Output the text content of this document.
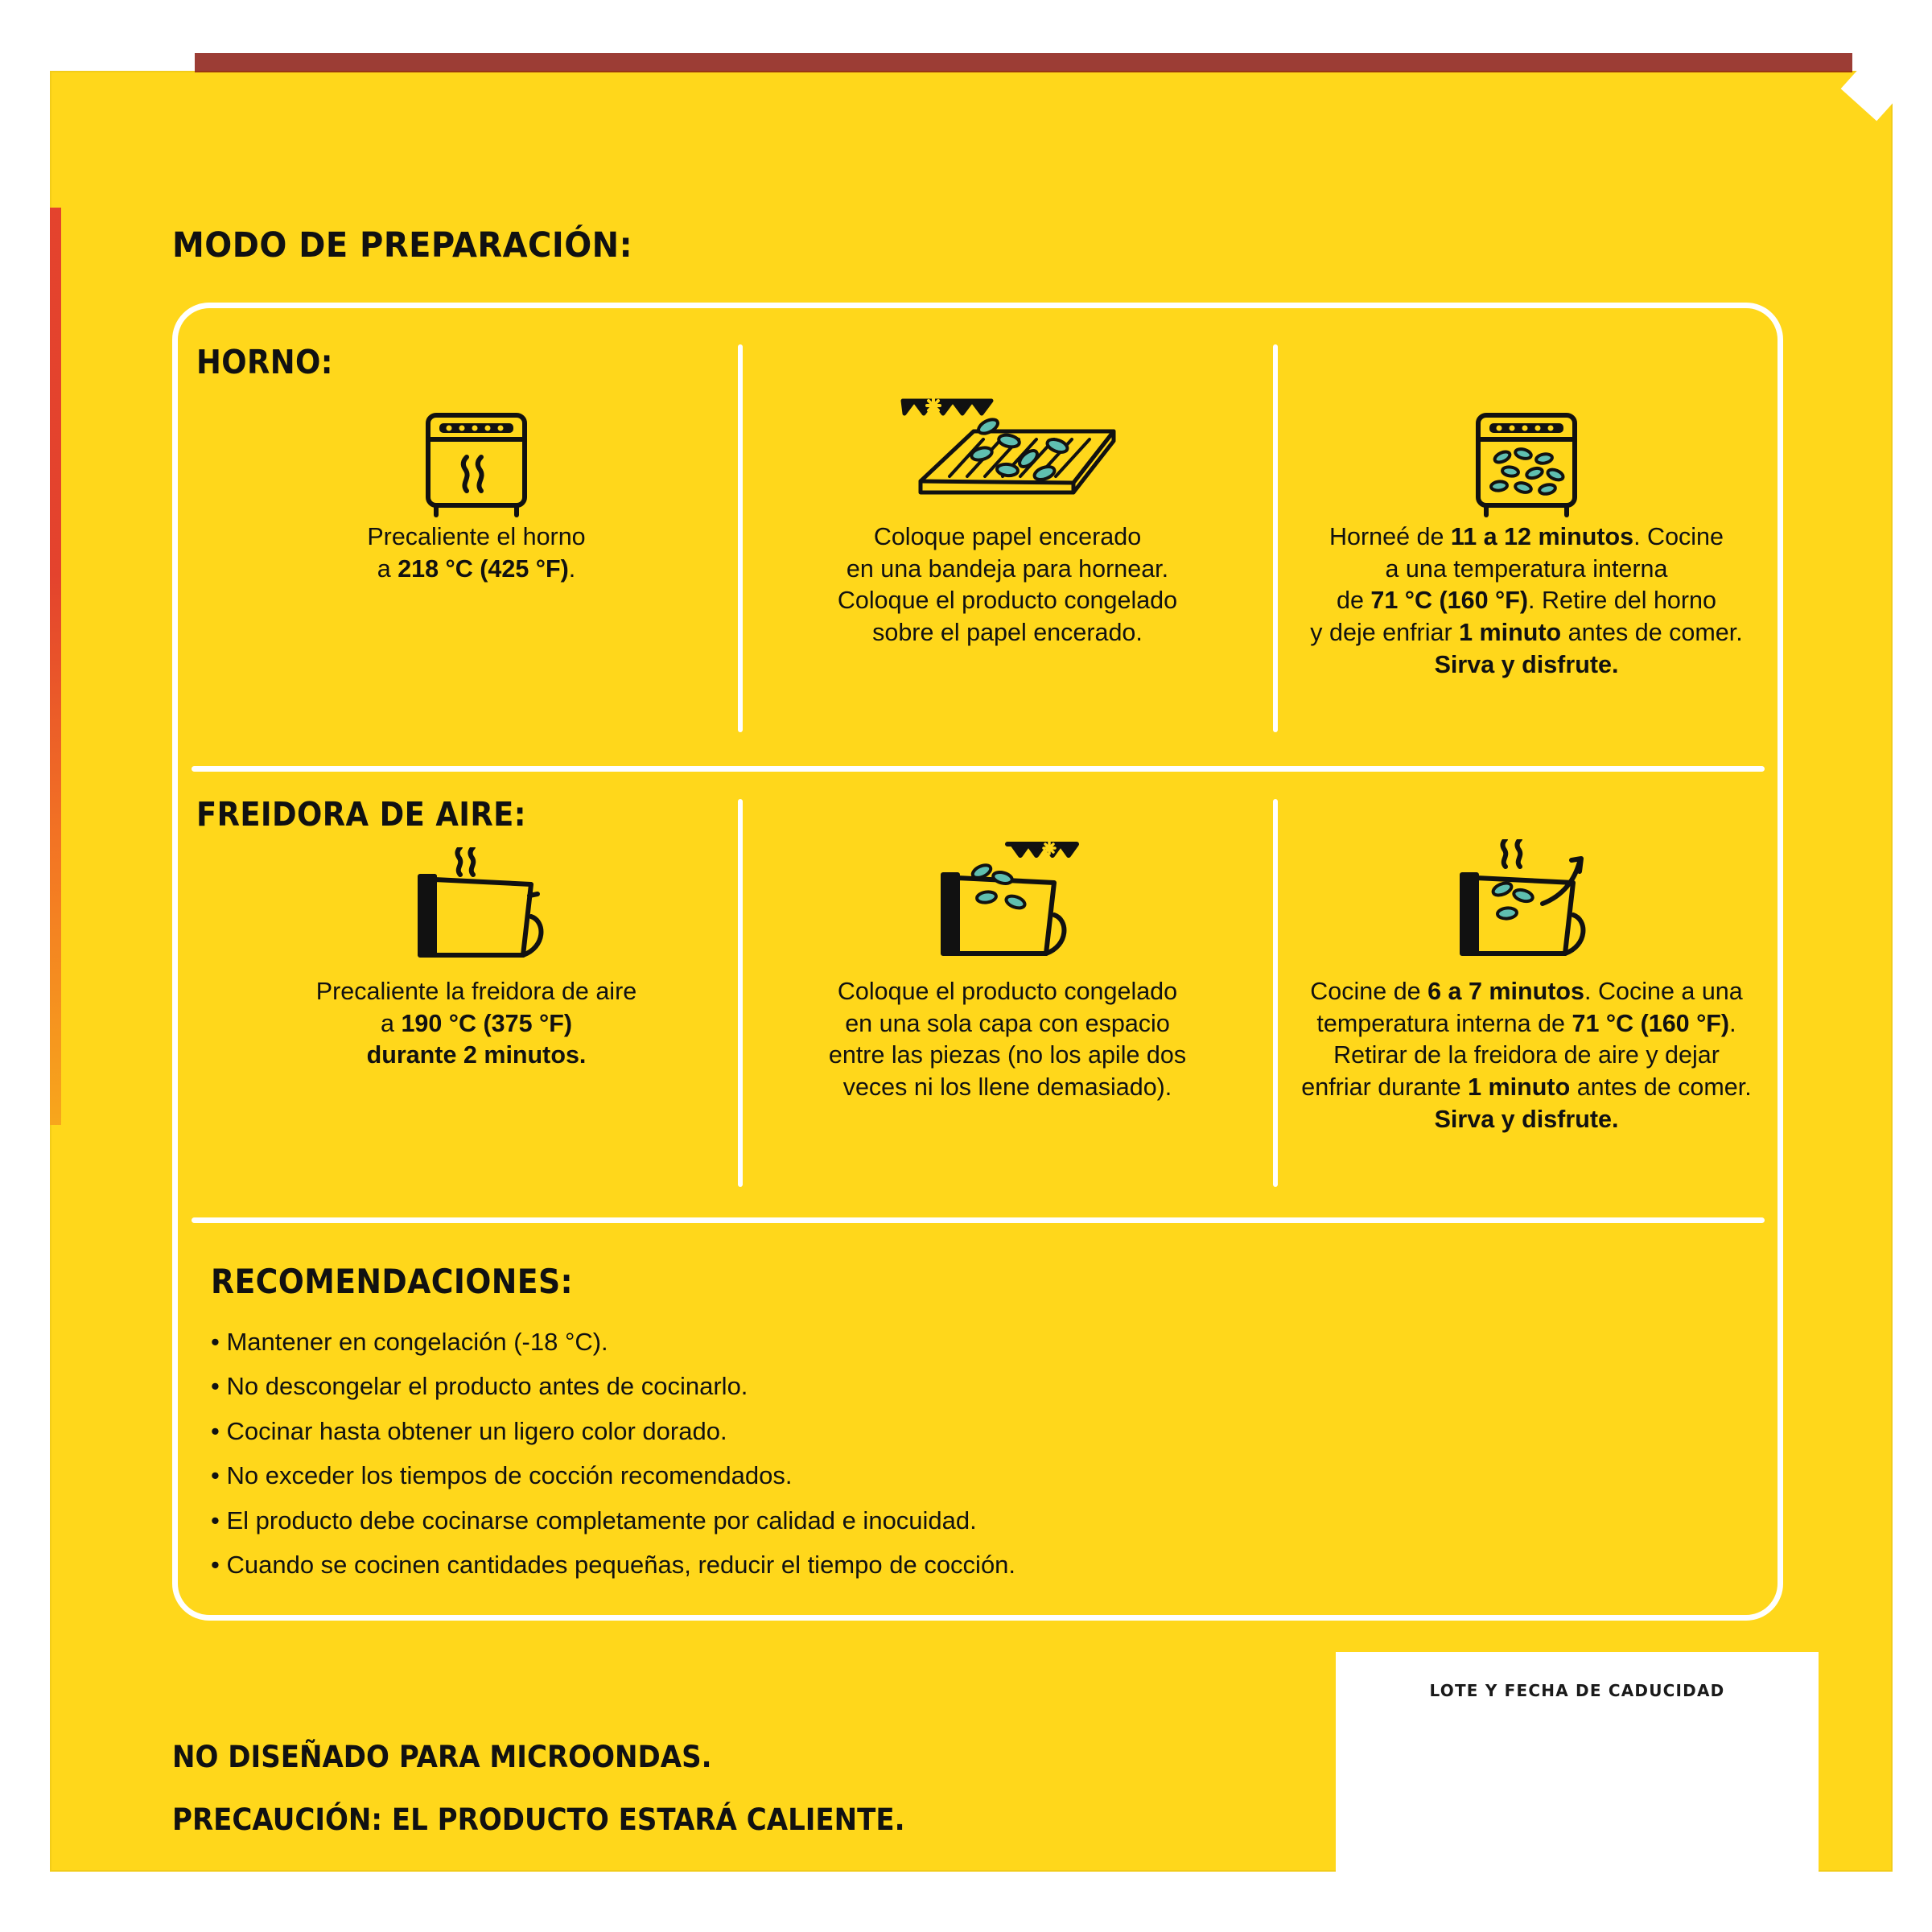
MODO DE PREPARACIÓN:
HORNO:
FREIDORA DE AIRE:
RECOMENDACIONES:
Precaliente el horno
a 218 °C (425 °F).
Coloque papel encerado
en una bandeja para hornear.
Coloque el producto congelado
sobre el papel encerado.
Horneé de 11 a 12 minutos. Cocine
a una temperatura interna
de 71 °C (160 °F). Retire del horno
y deje enfriar 1 minuto antes de comer.
Sirva y disfrute.
Precaliente la freidora de aire
a 190 °C (375 °F)
durante 2 minutos.
Coloque el producto congelado
en una sola capa con espacio
entre las piezas (no los apile dos
veces ni los llene demasiado).
Cocine de 6 a 7 minutos. Cocine a una
temperatura interna de 71 °C (160 °F).
Retirar de la freidora de aire y dejar
enfriar durante 1 minuto antes de comer.
Sirva y disfrute.
• Mantener en congelación (-18 °C).
• No descongelar el producto antes de cocinarlo.
• Cocinar hasta obtener un ligero color dorado.
• No exceder los tiempos de cocción recomendados.
• El producto debe cocinarse completamente por calidad e inocuidad.
• Cuando se cocinen cantidades pequeñas, reducir el tiempo de cocción.
NO DISEÑADO PARA MICROONDAS.
PRECAUCIÓN: EL PRODUCTO ESTARÁ CALIENTE.
LOTE Y FECHA DE CADUCIDAD
